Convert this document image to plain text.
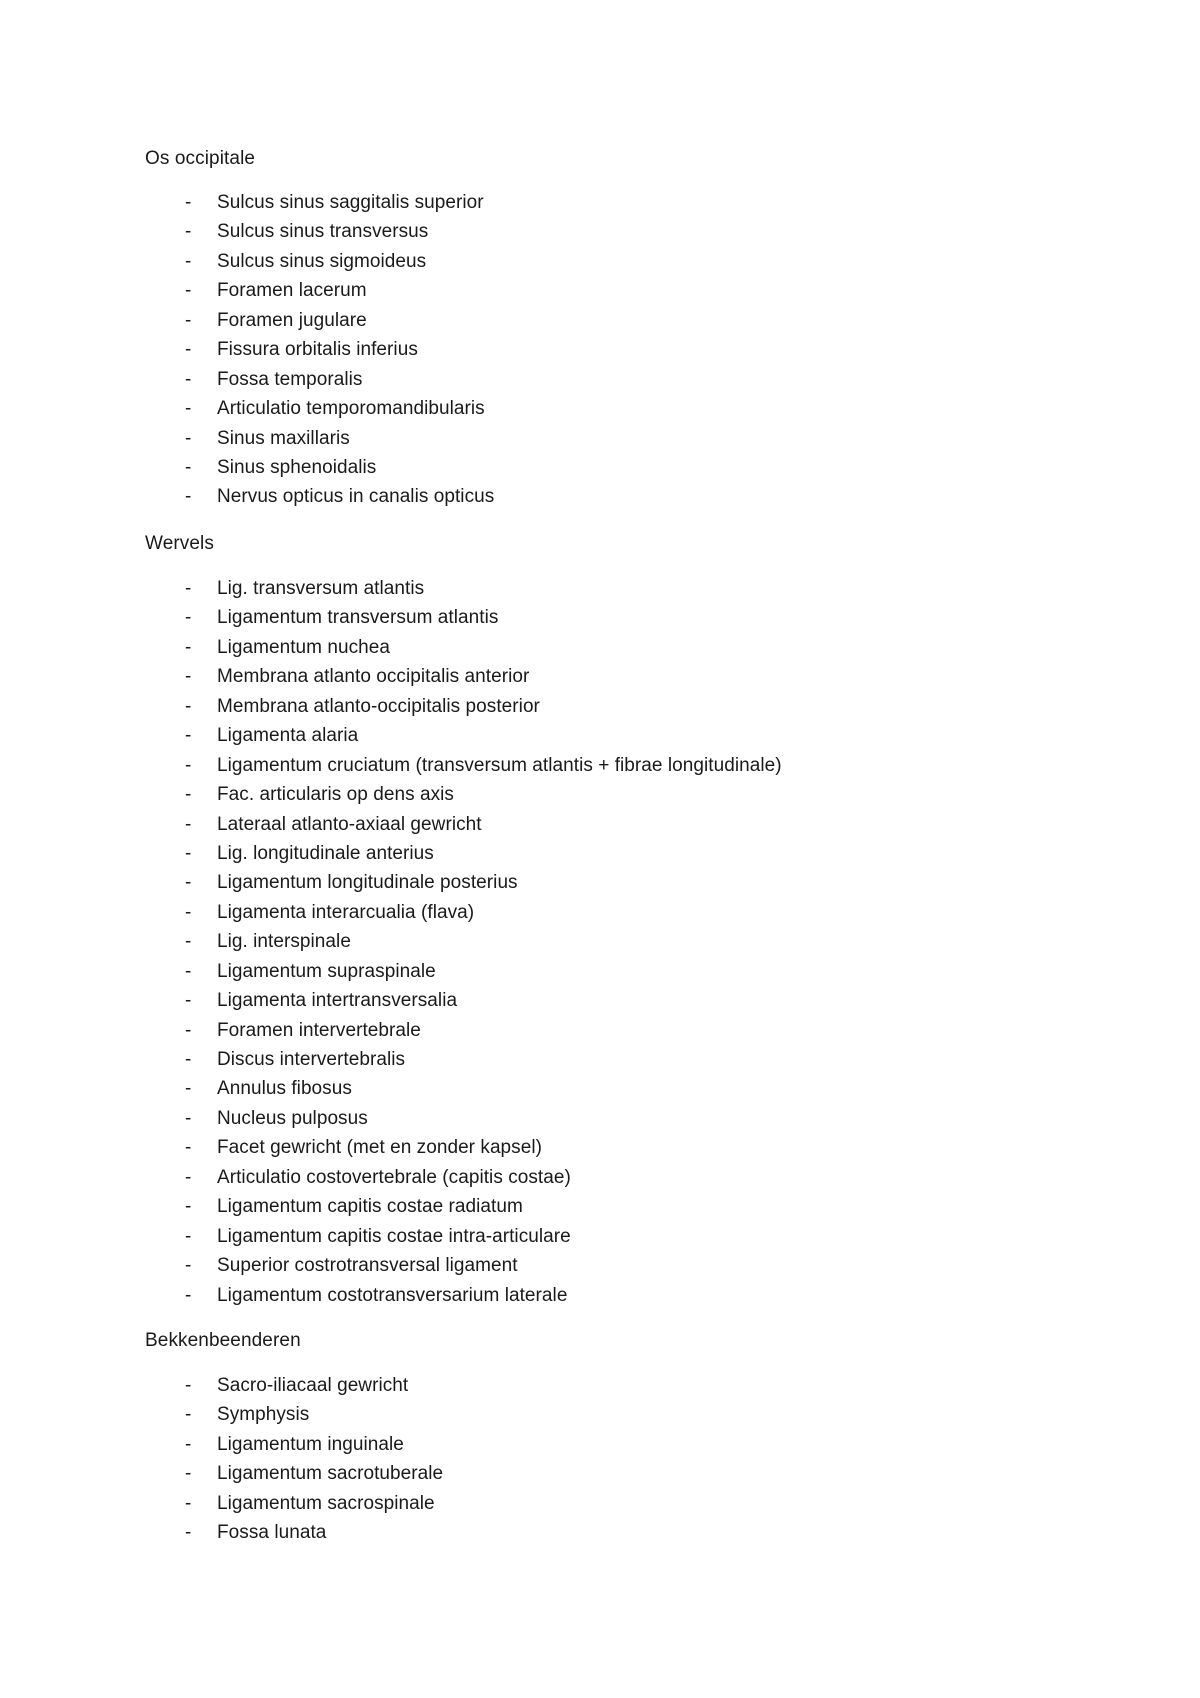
Os occipitale
- Sulcus sinus saggitalis superior
- Sulcus sinus transversus
- Sulcus sinus sigmoideus
- Foramen lacerum
- Foramen jugulare
- Fissura orbitalis inferius
- Fossa temporalis
- Articulatio temporomandibularis
- Sinus maxillaris
- Sinus sphenoidalis
- Nervus opticus in canalis opticus
Wervels
- Lig. transversum atlantis
- Ligamentum transversum atlantis
- Ligamentum nuchea
- Membrana atlanto occipitalis anterior
- Membrana atlanto-occipitalis posterior
- Ligamenta alaria
- Ligamentum cruciatum (transversum atlantis + fibrae longitudinale)
- Fac. articularis op dens axis
- Lateraal atlanto-axiaal gewricht
- Lig. longitudinale anterius
- Ligamentum longitudinale posterius
- Ligamenta interarcualia (flava)
- Lig. interspinale
- Ligamentum supraspinale
- Ligamenta intertransversalia
- Foramen intervertebrale
- Discus intervertebralis
- Annulus fibosus
- Nucleus pulposus
- Facet gewricht (met en zonder kapsel)
- Articulatio costovertebrale (capitis costae)
- Ligamentum capitis costae radiatum
- Ligamentum capitis costae intra-articulare
- Superior costrotransversal ligament
- Ligamentum costotransversarium laterale
Bekkenbeenderen
- Sacro-iliacaal gewricht
- Symphysis
- Ligamentum inguinale
- Ligamentum sacrotuberale
- Ligamentum sacrospinale
- Fossa lunata
